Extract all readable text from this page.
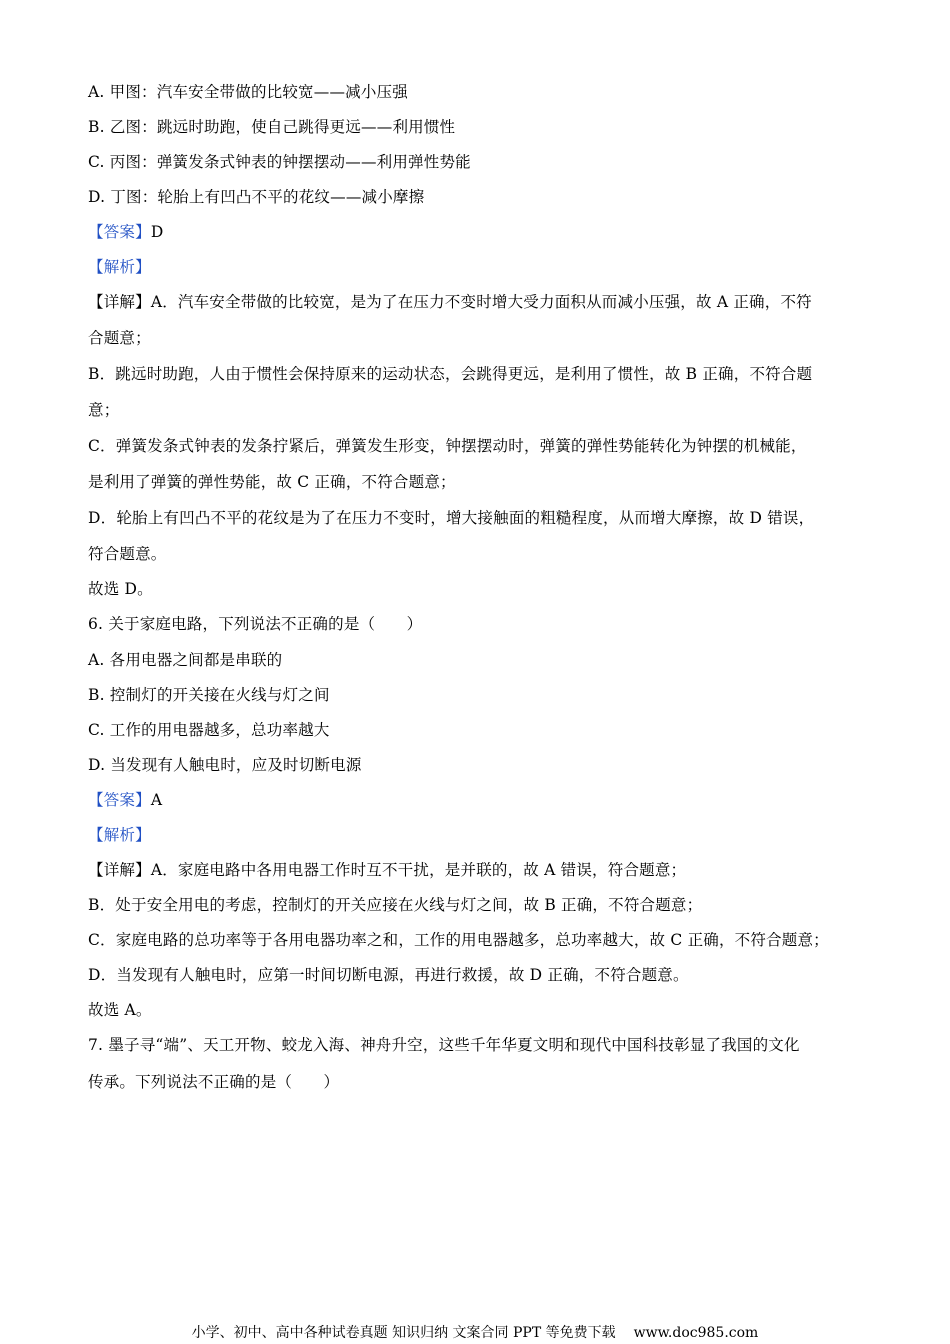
A. 甲图：汽车安全带做的比较宽——减小压强
B. 乙图：跳远时助跑，使自己跳得更远——利用惯性
C. 丙图：弹簧发条式钟表的钟摆摆动——利用弹性势能
D. 丁图：轮胎上有凹凸不平的花纹——减小摩擦
【答案】D
【解析】
【详解】A．汽车安全带做的比较宽，是为了在压力不变时增大受力面积从而减小压强，故 A 正确，不符
合题意；
B．跳远时助跑，人由于惯性会保持原来的运动状态，会跳得更远，是利用了惯性，故 B 正确，不符合题
意；
C．弹簧发条式钟表的发条拧紧后，弹簧发生形变，钟摆摆动时，弹簧的弹性势能转化为钟摆的机械能，
是利用了弹簧的弹性势能，故 C 正确，不符合题意；
D．轮胎上有凹凸不平的花纹是为了在压力不变时，增大接触面的粗糙程度，从而增大摩擦，故 D 错误，
符合题意。
故选 D。
6. 关于家庭电路，下列说法不正确的是（　　）
A. 各用电器之间都是串联的
B. 控制灯的开关接在火线与灯之间
C. 工作的用电器越多，总功率越大
D. 当发现有人触电时，应及时切断电源
【答案】A
【解析】
【详解】A．家庭电路中各用电器工作时互不干扰，是并联的，故 A 错误，符合题意；
B．处于安全用电的考虑，控制灯的开关应接在火线与灯之间，故 B 正确，不符合题意；
C．家庭电路的总功率等于各用电器功率之和，工作的用电器越多，总功率越大，故 C 正确，不符合题意；
D．当发现有人触电时，应第一时间切断电源，再进行救援，故 D 正确，不符合题意。
故选 A。
7. 墨子寻“端”、天工开物、蛟龙入海、神舟升空，这些千年华夏文明和现代中国科技彰显了我国的文化
传承。下列说法不正确的是（　　）
小学、初中、高中各种试卷真题 知识归纳 文案合同 PPT 等免费下载 www.doc985.com
